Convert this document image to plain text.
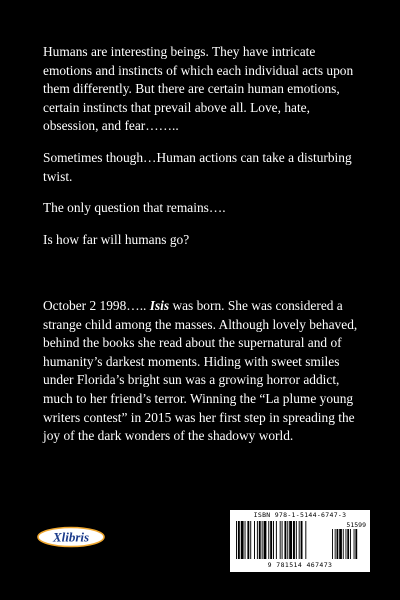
Humans are interesting beings. They have intricate emotions and instincts of which each individual acts upon them differently. But there are certain human emotions, certain instincts that prevail above all. Love, hate, obsession, and fear……..

Sometimes though…Human actions can take a disturbing twist.

The only question that remains….

Is how far will humans go?

October 2 1998….. Isis was born. She was considered a strange child among the masses. Although lovely behaved, behind the books she read about the supernatural and of humanity’s darkest moments. Hiding with sweet smiles under Florida’s bright sun was a growing horror addict, much to her friend’s terror. Winning the “La plume young writers contest” in 2015 was her first step in spreading the joy of the dark wonders of the shadowy world.

Xlibris
ISBN 978-1-5144-6747-3
51599
9 781514 467473
